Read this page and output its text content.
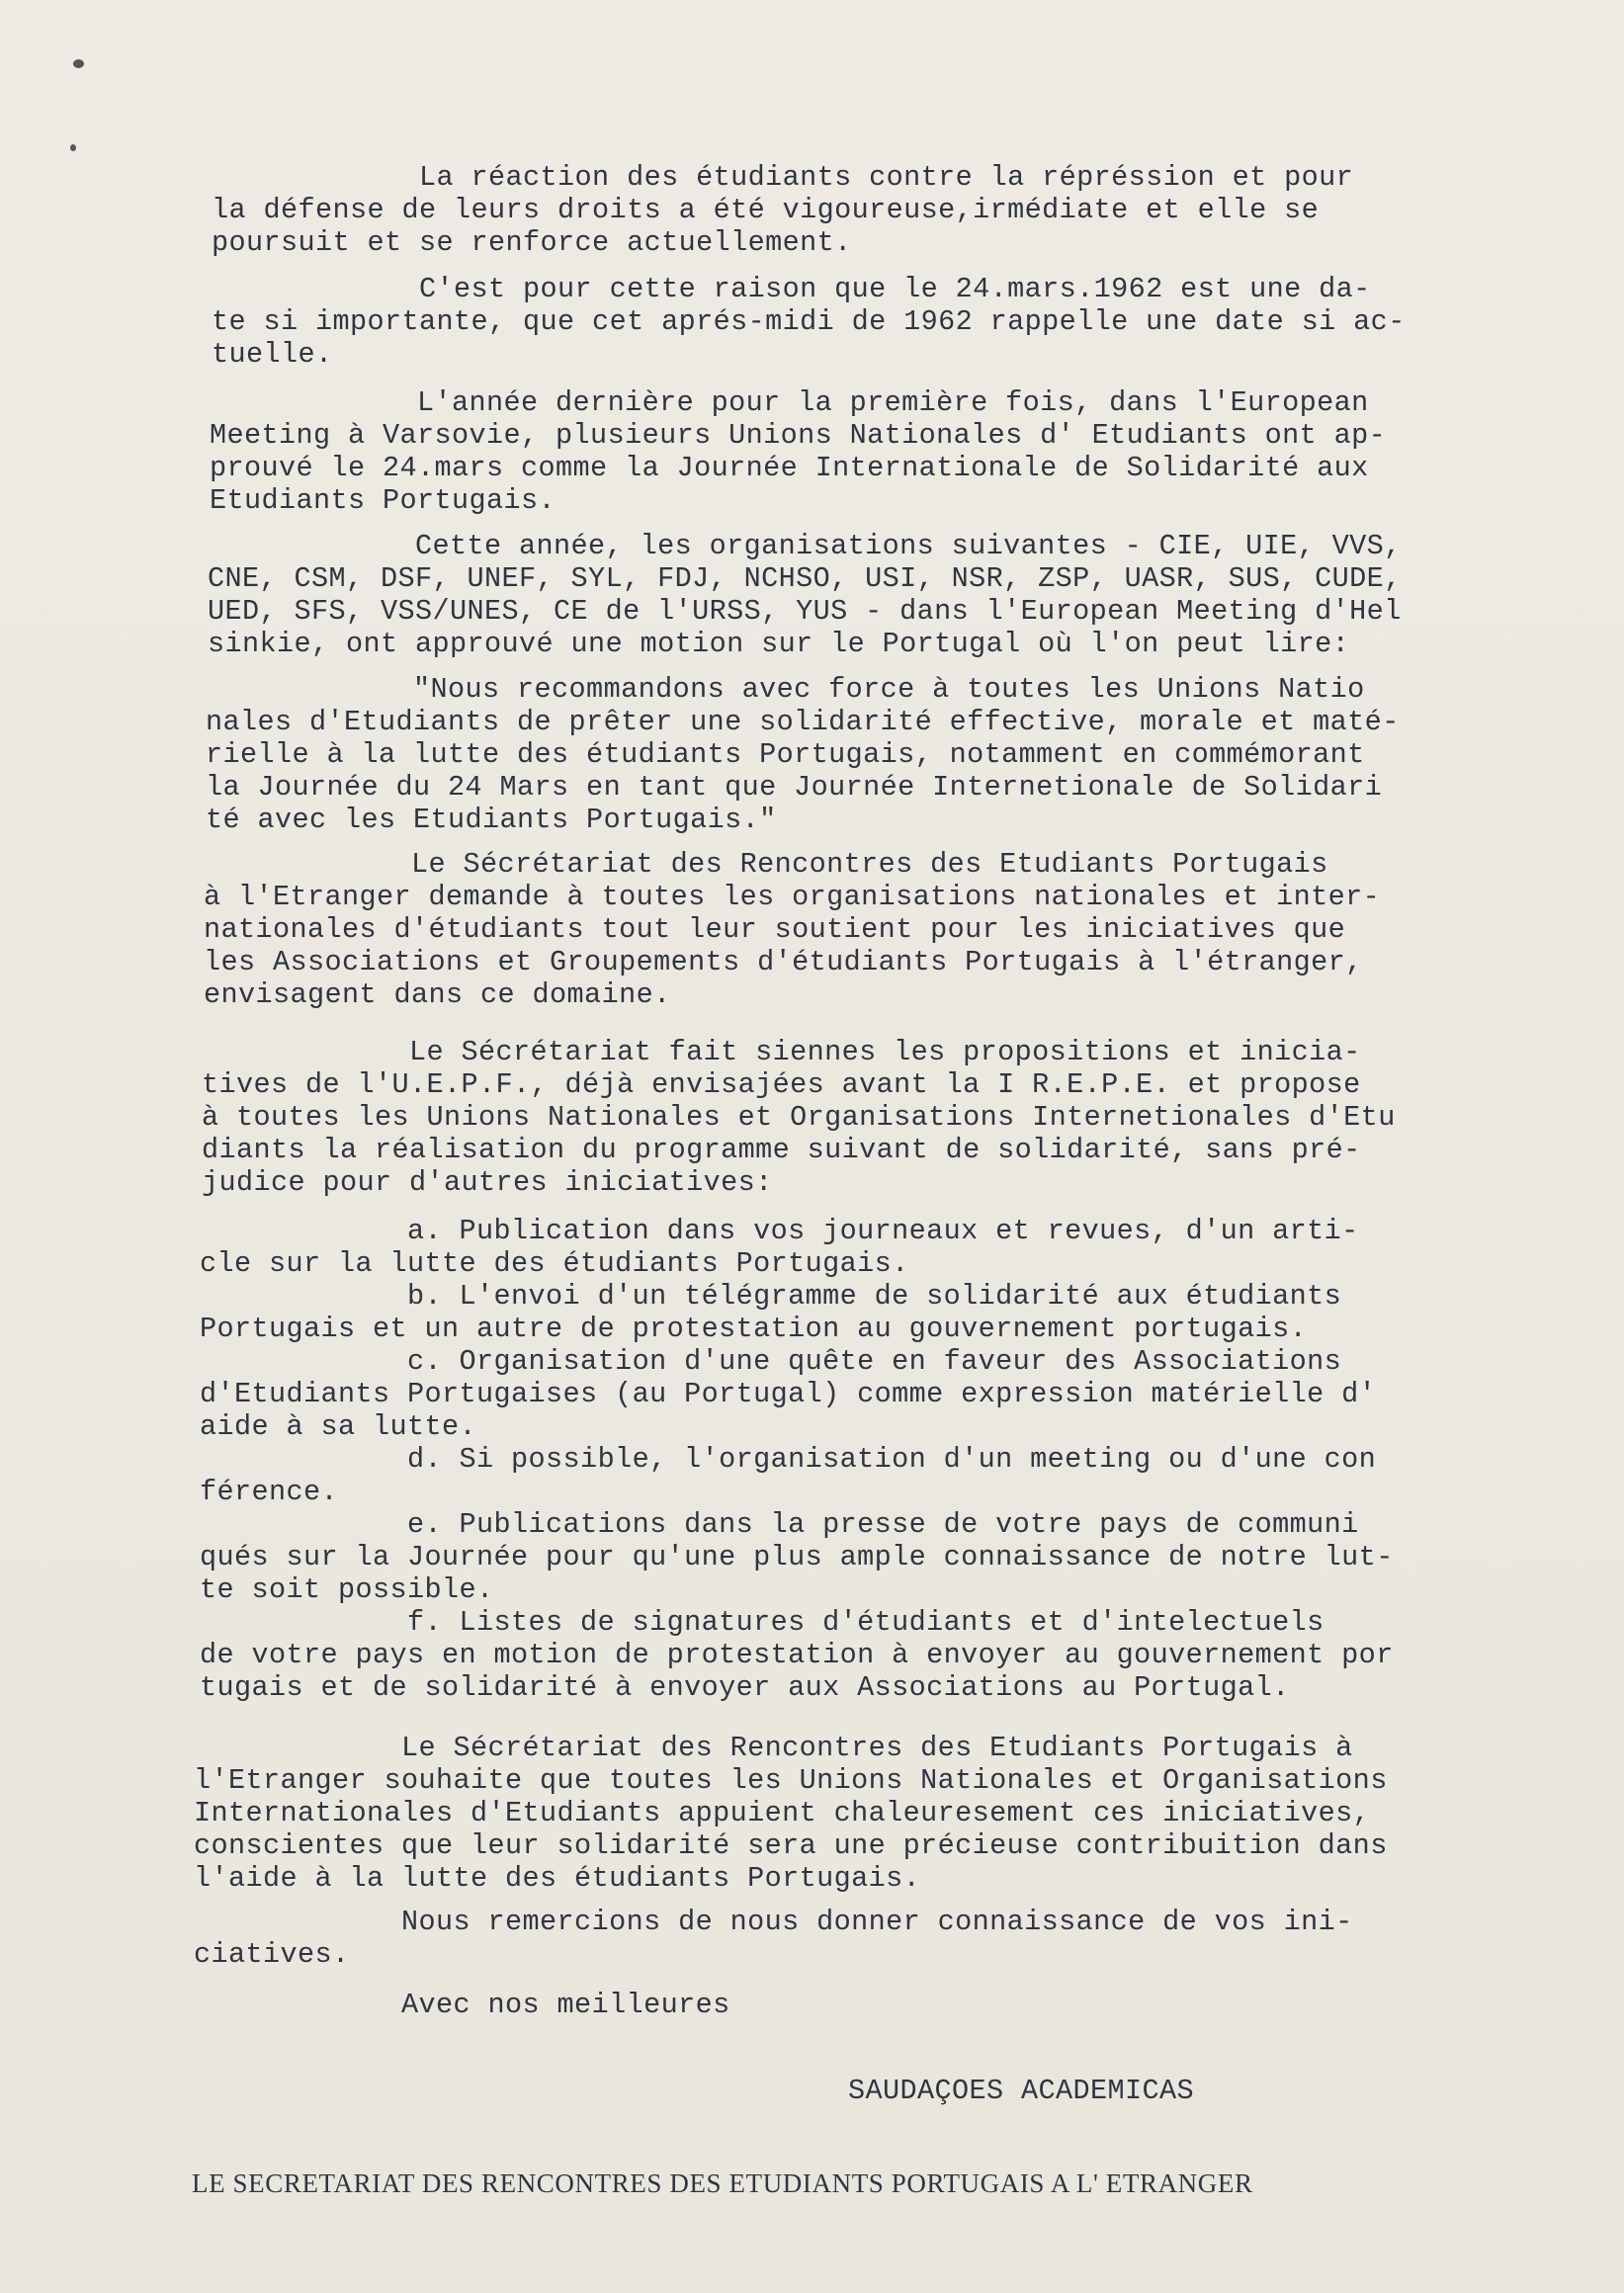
La réaction des étudiants contre la répréssion et pour
la défense de leurs droits a été vigoureuse,irmédiate et elle se
poursuit et se renforce actuellement.

C'est pour cette raison que le 24.mars.1962 est une da-
te si importante, que cet aprés-midi de 1962 rappelle une date si ac-
tuelle.

L'année dernière pour la première fois, dans l'European
Meeting à Varsovie, plusieurs Unions Nationales d' Etudiants ont ap-
prouvé le 24.mars comme la Journée Internationale de Solidarité aux
Etudiants Portugais.

Cette année, les organisations suivantes - CIE, UIE, VVS,
CNE, CSM, DSF, UNEF, SYL, FDJ, NCHSO, USI, NSR, ZSP, UASR, SUS, CUDE,
UED, SFS, VSS/UNES, CE de l'URSS, YUS - dans l'European Meeting d'Hel
sinkie, ont approuvé une motion sur le Portugal où l'on peut lire:

"Nous recommandons avec force à toutes les Unions Natio
nales d'Etudiants de prêter une solidarité effective, morale et maté-
rielle à la lutte des étudiants Portugais, notamment en commémorant
la Journée du 24 Mars en tant que Journée Internetionale de Solidari
té avec les Etudiants Portugais."

Le Sécrétariat des Rencontres des Etudiants Portugais
à l'Etranger demande à toutes les organisations nationales et inter-
nationales d'étudiants tout leur soutient pour les iniciatives que
les Associations et Groupements d'étudiants Portugais à l'étranger,
envisagent dans ce domaine.

Le Sécrétariat fait siennes les propositions et inicia-
tives de l'U.E.P.F., déjà envisajées avant la I R.E.P.E. et propose
à toutes les Unions Nationales et Organisations Internetionales d'Etu
diants la réalisation du programme suivant de solidarité, sans pré-
judice pour d'autres iniciatives:

a. Publication dans vos journeaux et revues, d'un arti-
cle sur la lutte des étudiants Portugais.
b. L'envoi d'un télégramme de solidarité aux étudiants
Portugais et un autre de protestation au gouvernement portugais.
c. Organisation d'une quête en faveur des Associations
d'Etudiants Portugaises (au Portugal) comme expression matérielle d'
aide à sa lutte.
d. Si possible, l'organisation d'un meeting ou d'une con
férence.
e. Publications dans la presse de votre pays de communi
qués sur la Journée pour qu'une plus ample connaissance de notre lut-
te soit possible.
f. Listes de signatures d'étudiants et d'intelectuels
de votre pays en motion de protestation à envoyer au gouvernement por
tugais et de solidarité à envoyer aux Associations au Portugal.

Le Sécrétariat des Rencontres des Etudiants Portugais à
l'Etranger souhaite que toutes les Unions Nationales et Organisations
Internationales d'Etudiants appuient chaleuresement ces iniciatives,
conscientes que leur solidarité sera une précieuse contribuition dans
l'aide à la lutte des étudiants Portugais.

Nous remercions de nous donner connaissance de vos ini-
ciatives.

Avec nos meilleures

SAUDAÇOES ACADEMICAS

LE SECRETARIAT DES RENCONTRES DES ETUDIANTS PORTUGAIS A L' ETRANGER
